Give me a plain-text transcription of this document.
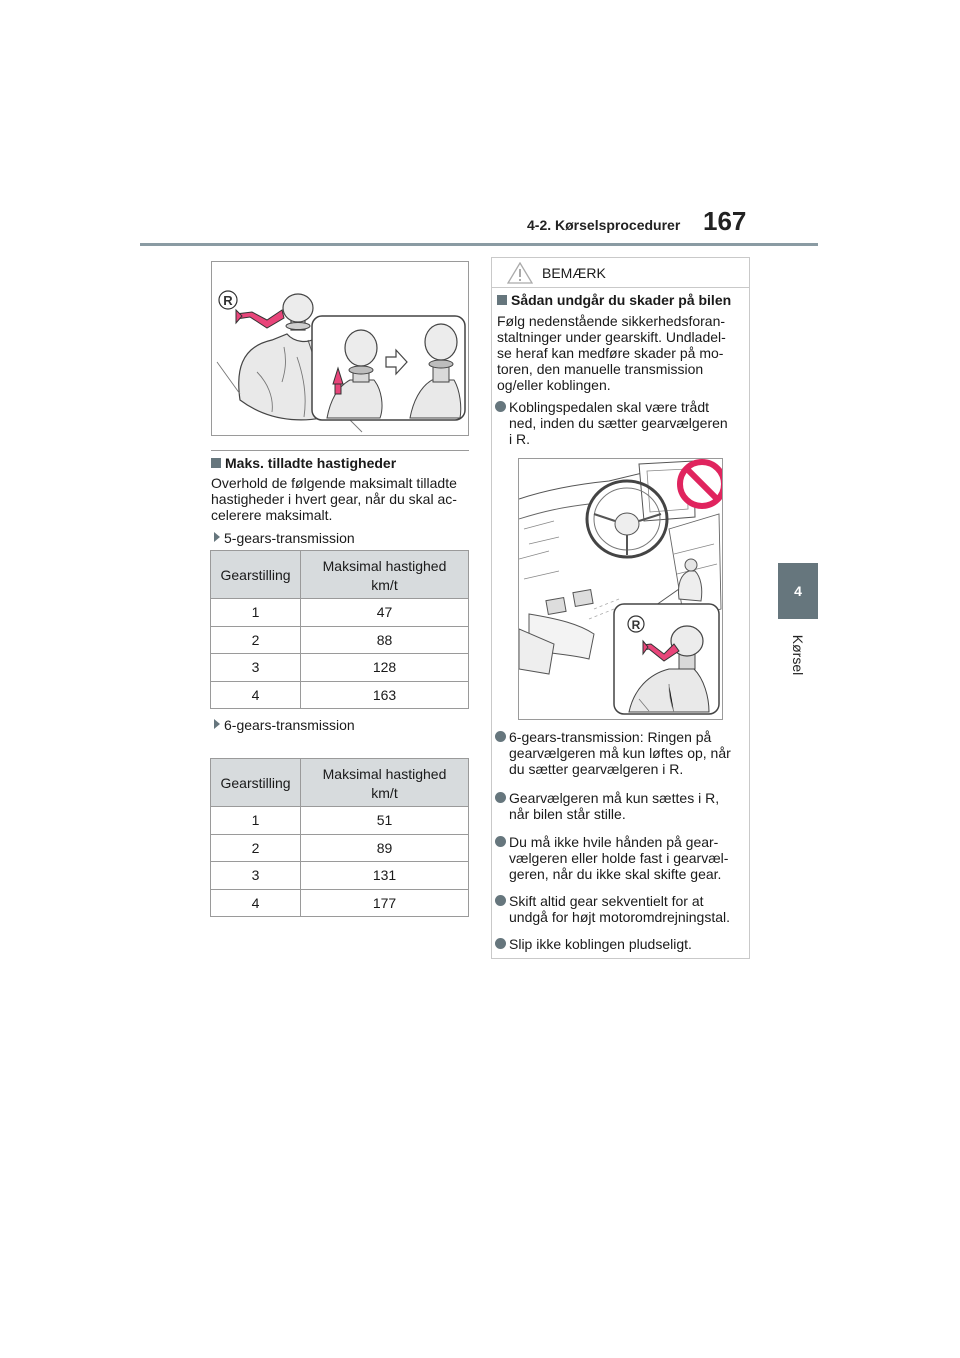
4-2. Kørselsprocedurer 167
4
Kørsel
R
Maks. tilladte hastigheder
Overhold de følgende maksimalt tilladte
hastigheder i hvert gear, når du skal ac-
celerere maksimalt.
5-gears-transmission
Gearstilling	Maksimal hastighed
km/t

1	47
2	88
3	128
4	163
6-gears-transmission
Gearstilling	Maksimal hastighed
km/t

1	51
2	89
3	131
4	177
BEMÆRK
Sådan undgår du skader på bilen
Følg nedenstående sikkerhedsforan-
staltninger under gearskift. Undladel-
se heraf kan medføre skader på mo-
toren, den manuelle transmission
og/eller koblingen.
Koblingspedalen skal være trådt
ned, inden du sætter gearvælgeren
i R.
R
6-gears-transmission: Ringen på
gearvælgeren må kun løftes op, når
du sætter gearvælgeren i R.
Gearvælgeren må kun sættes i R,
når bilen står stille.
Du må ikke hvile hånden på gear-
vælgeren eller holde fast i gearvæl-
geren, når du ikke skal skifte gear.
Skift altid gear sekventielt for at
undgå for højt motoromdrejningstal.
Slip ikke koblingen pludseligt.
